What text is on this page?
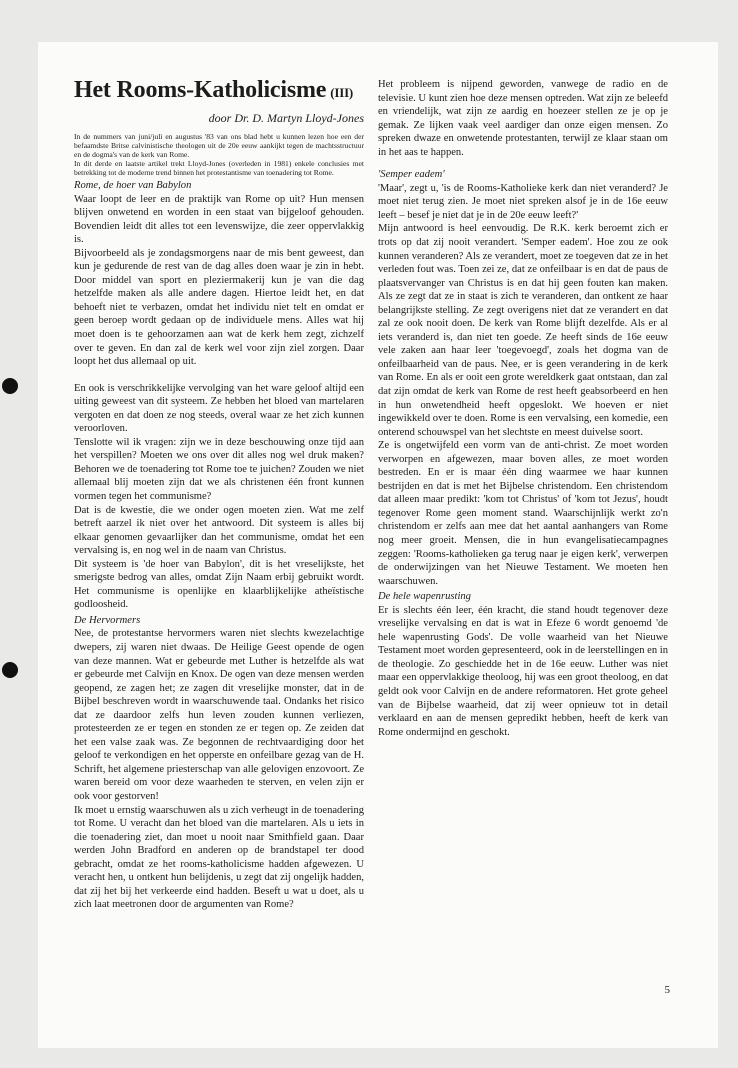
Het Rooms-Katholicisme (III)
door Dr. D. Martyn Lloyd-Jones

In de nummers van juni/juli en augustus '83 van ons blad hebt u kunnen lezen hoe een der befaamdste Britse calvinistische theologen uit de 20e eeuw aankijkt tegen de machtsstructuur en de dogma's van de kerk van Rome.

In dit derde en laatste artikel trekt Lloyd-Jones (overleden in 1981) enkele conclusies met betrekking tot de moderne trend binnen het protestantisme van toenadering tot Rome.

Rome, de hoer van Babylon

Waar loopt de leer en de praktijk van Rome op uit? Hun mensen blijven onwetend en worden in een staat van bijgeloof gehouden. Bovendien leidt dit alles tot een levenswijze, die zeer oppervlakkig is.

Bijvoorbeeld als je zondagsmorgens naar de mis bent geweest, dan kun je gedurende de rest van de dag alles doen waar je zin in hebt. Door middel van sport en pleziermakerij kun je van die dag hetzelfde maken als alle andere dagen. Hiertoe leidt het, en dat behoeft niet te verbazen, omdat het individu niet telt en omdat er geen beroep wordt gedaan op de individuele mens. Alles wat hij moet doen is te gehoorzamen aan wat de kerk hem zegt, zichzelf over te geven. En dan zal de kerk wel voor zijn ziel zorgen. Daar loopt het dus allemaal op uit.

En ook is verschrikkelijke vervolging van het ware geloof altijd een uiting geweest van dit systeem. Ze hebben het bloed van martelaren vergoten en dat doen ze nog steeds, overal waar ze het zich kunnen veroorloven.

Tenslotte wil ik vragen: zijn we in deze beschouwing onze tijd aan het verspillen? Moeten we ons over dit alles nog wel druk maken? Behoren we de toenadering tot Rome toe te juichen? Zouden we niet allemaal blij moeten zijn dat we als christenen één front kunnen vormen tegen het communisme?

Dat is de kwestie, die we onder ogen moeten zien. Wat me zelf betreft aarzel ik niet over het antwoord. Dit systeem is alles bij elkaar genomen gevaarlijker dan het communisme, omdat het een vervalsing is, en nog wel in de naam van Christus.

Dit systeem is 'de hoer van Babylon', dit is het vreselijkste, het smerigste bedrog van alles, omdat Zijn Naam erbij gebruikt wordt. Het communisme is openlijke en klaarblijkelijke atheïstische godloosheid.

De Hervormers

Nee, de protestantse hervormers waren niet slechts kwezelachtige dwepers, zij waren niet dwaas. De Heilige Geest opende de ogen van deze mannen. Wat er gebeurde met Luther is hetzelfde als wat er gebeurde met Calvijn en Knox. De ogen van deze mensen werden geopend, ze zagen het; ze zagen dit vreselijke monster, dat in de Bijbel beschreven wordt in waarschuwende taal. Ondanks het risico dat ze daardoor zelfs hun leven zouden kunnen verliezen, protesteerden ze er tegen en stonden ze er tegen op. Ze zeiden dat het een valse zaak was. Ze begonnen de rechtvaardiging door het geloof te verkondigen en het opperste en onfeilbare gezag van de H. Schrift, het algemene priesterschap van alle gelovigen enzovoort. Ze waren bereid om voor deze waarheden te sterven, en velen zijn er ook voor gestorven!

Ik moet u ernstig waarschuwen als u zich verheugt in de toenadering tot Rome. U veracht dan het bloed van die martelaren. Als u iets in die toenadering ziet, dan moet u nooit naar Smithfield gaan. Daar werden John Bradford en anderen op de brandstapel ter dood gebracht, omdat ze het rooms-katholicisme hadden afgewezen. U veracht hen, u ontkent hun belijdenis, u zegt dat zij ongelijk hadden, dat zij het bij het verkeerde eind hadden. Beseft u wat u doet, als u zich laat meetronen door de argumenten van Rome?

Het probleem is nijpend geworden, vanwege de radio en de televisie. U kunt zien hoe deze mensen optreden. Wat zijn ze beleefd en vriendelijk, wat zijn ze aardig en hoezeer stellen ze je op je gemak. Ze lijken vaak veel aardiger dan onze eigen mensen. Zo spreken dwaze en onwetende protestanten, terwijl ze klaar staan om in het aas te happen.

'Semper eadem'

'Maar', zegt u, 'is de Rooms-Katholieke kerk dan niet veranderd? Je moet niet terug zien. Je moet niet spreken alsof je in de 16e eeuw leeft – besef je niet dat je in de 20e eeuw leeft?'

Mijn antwoord is heel eenvoudig. De R.K. kerk beroemt zich er trots op dat zij nooit verandert. 'Semper eadem'. Hoe zou ze ook kunnen veranderen? Als ze verandert, moet ze toegeven dat ze in het verleden fout was. Toen zei ze, dat ze onfeilbaar is en dat de paus de plaatsvervanger van Christus is en dat hij geen fouten kan maken. Als ze zegt dat ze in staat is zich te veranderen, dan ontkent ze haar belangrijkste stelling. Ze zegt overigens niet dat ze verandert en dat zal ze ook nooit doen. De kerk van Rome blijft dezelfde. Als er al iets veranderd is, dan niet ten goede. Ze heeft sinds de 16e eeuw vele zaken aan haar leer 'toegevoegd', zoals het dogma van de onfeilbaarheid van de paus. Nee, er is geen verandering in de kerk van Rome. En als er ooit een grote wereldkerk gaat ontstaan, dan zal dat zijn omdat de kerk van Rome de rest heeft geabsorbeerd en hen in hun onwetendheid heeft opgeslokt. We hoeven er niet ingewikkeld over te doen. Rome is een vervalsing, een komedie, een onterend schouwspel van het slechtste en meest duivelse soort.

Ze is ongetwijfeld een vorm van de anti-christ. Ze moet worden verworpen en afgewezen, maar boven alles, ze moet worden bestreden. En er is maar één ding waarmee we haar kunnen bestrijden en dat is met het Bijbelse christendom. Een christendom dat alleen maar predikt: 'kom tot Christus' of 'kom tot Jezus', houdt tegenover Rome geen moment stand. Waarschijnlijk werkt zo'n christendom er zelfs aan mee dat het aantal aanhangers van Rome nog meer groeit. Mensen, die in hun evangelisatiecampagnes zeggen: 'Rooms-katholieken ga terug naar je eigen kerk', verwerpen de onderwijzingen van het Nieuwe Testament. We moeten hen waarschuwen.

De hele wapenrusting

Er is slechts één leer, één kracht, die stand houdt tegenover deze vreselijke vervalsing en dat is wat in Efeze 6 wordt genoemd 'de hele wapenrusting Gods'. De volle waarheid van het Nieuwe Testament moet worden gepresenteerd, ook in de leerstellingen en in de theologie. Zo geschiedde het in de 16e eeuw. Luther was niet maar een oppervlakkige theoloog, hij was een groot theoloog, en dat geldt ook voor Calvijn en de andere reformatoren. Het grote geheel van de Bijbelse waarheid, dat zij weer opnieuw tot in detail verklaard en aan de mensen gepredikt hebben, heeft de kerk van Rome ondermijnd en geschokt.

5
